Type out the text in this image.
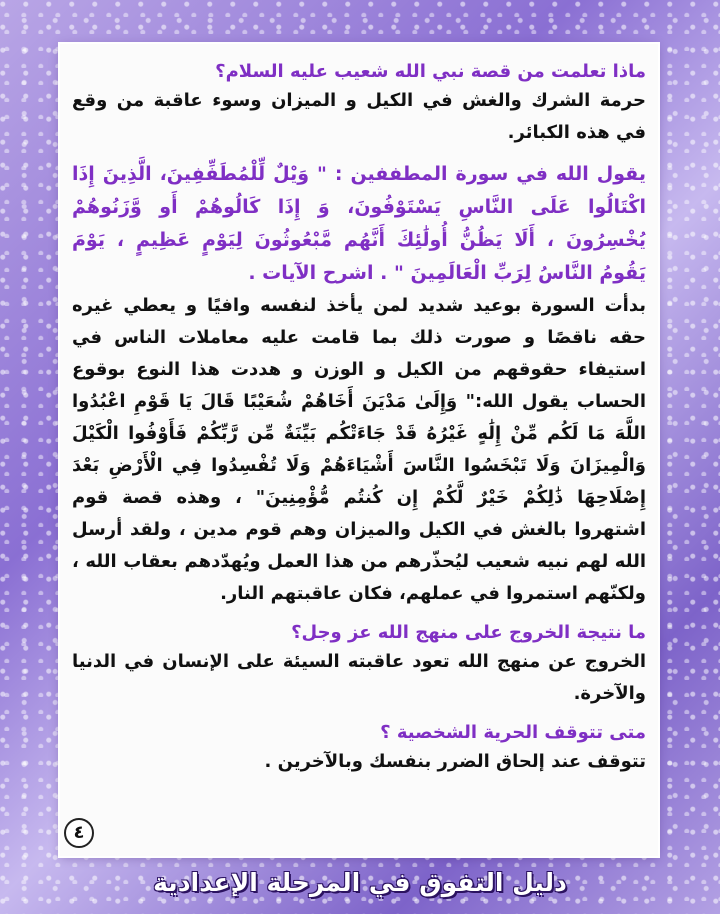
ماذا تعلمت من قصة نبي الله شعيب عليه السلام؟

حرمة الشرك والغش في الكيل و الميزان وسوء عاقبة من وقع في هذه الكبائر.

يقول الله في سورة المطففين : " وَيْلٌ لِّلْمُطَفِّفِينَ، الَّذِينَ إِذَا اكْتَالُوا عَلَى النَّاسِ يَسْتَوْفُونَ، وَ إِذَا كَالُوهُمْ أَو وَّزَنُوهُمْ يُخْسِرُونَ ، أَلَا يَظُنُّ أُولَٰئِكَ أَنَّهُم مَّبْعُوثُونَ لِيَوْمٍ عَظِيمٍ ، يَوْمَ يَقُومُ النَّاسُ لِرَبِّ الْعَالَمِينَ " . اشرح الآيات .

بدأت السورة بوعيد شديد لمن يأخذ لنفسه وافيًا و يعطي غيره حقه ناقصًا و صورت ذلك بما قامت عليه معاملات الناس في استيفاء حقوقهم من الكيل و الوزن و هددت هذا النوع بوقوع الحساب يقول الله:" وَإِلَىٰ مَدْيَنَ أَخَاهُمْ شُعَيْبًا قَالَ يَا قَوْمِ اعْبُدُوا اللَّهَ مَا لَكُم مِّنْ إِلَٰهٍ غَيْرُهُ قَدْ جَاءَتْكُم بَيِّنَةٌ مِّن رَّبِّكُمْ فَأَوْفُوا الْكَيْلَ وَالْمِيزَانَ وَلَا تَبْخَسُوا النَّاسَ أَشْيَاءَهُمْ وَلَا تُفْسِدُوا فِي الْأَرْضِ بَعْدَ إِصْلَاحِهَا ذَٰلِكُمْ خَيْرٌ لَّكُمْ إِن كُنتُم مُّؤْمِنِينَ" ، وهذه قصة قوم اشتهروا بالغش في الكيل والميزان وهم قوم مدين ، ولقد أرسل الله لهم نبيه شعيب ليُحذّرهم من هذا العمل ويُهدّدهم بعقاب الله ، ولكنّهم استمروا في عملهم، فكان عاقبتهم النار.

ما نتيجة الخروج على منهج الله عز وجل؟

الخروج عن منهج الله تعود عاقبته السيئة على الإنسان في الدنيا والآخرة.

متى تتوقف الحرية الشخصية ؟

تتوقف عند إلحاق الضرر بنفسك وبالآخرين .

٤
دليل التفوق في المرحلة الإعدادية
